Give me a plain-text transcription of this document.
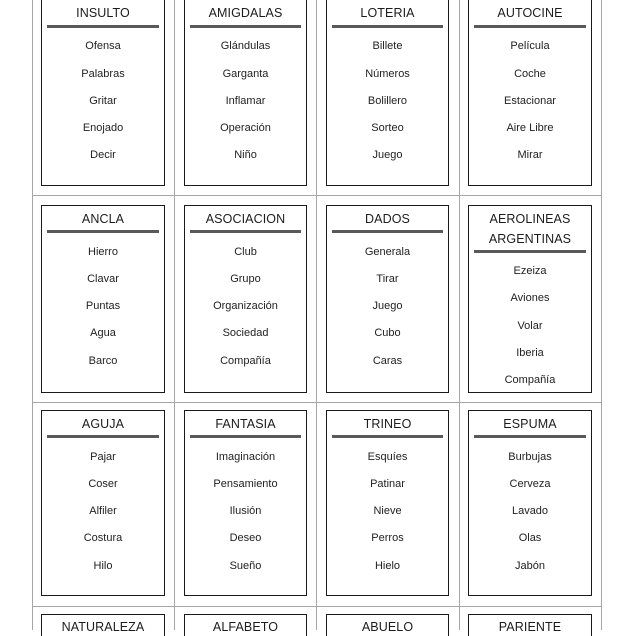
INSULTO
Ofensa
Palabras
Gritar
Enojado
Decir
AMIGDALAS
Glándulas
Garganta
Inflamar
Operación
Niño
LOTERIA
Billete
Números
Bolillero
Sorteo
Juego
AUTOCINE
Película
Coche
Estacionar
Aire Libre
Mirar
ANCLA
Hierro
Clavar
Puntas
Agua
Barco
ASOCIACION
Club
Grupo
Organización
Sociedad
Compañía
DADOS
Generala
Tirar
Juego
Cubo
Caras
AEROLINEAS
ARGENTINAS
Ezeiza
Aviones
Volar
Iberia
Compañía
AGUJA
Pajar
Coser
Alfiler
Costura
Hilo
FANTASIA
Imaginación
Pensamiento
Ilusión
Deseo
Sueño
TRINEO
Esquíes
Patinar
Nieve
Perros
Hielo
ESPUMA
Burbujas
Cerveza
Lavado
Olas
Jabón
NATURALEZA	ALFABETO	ABUELO	PARIENTE
